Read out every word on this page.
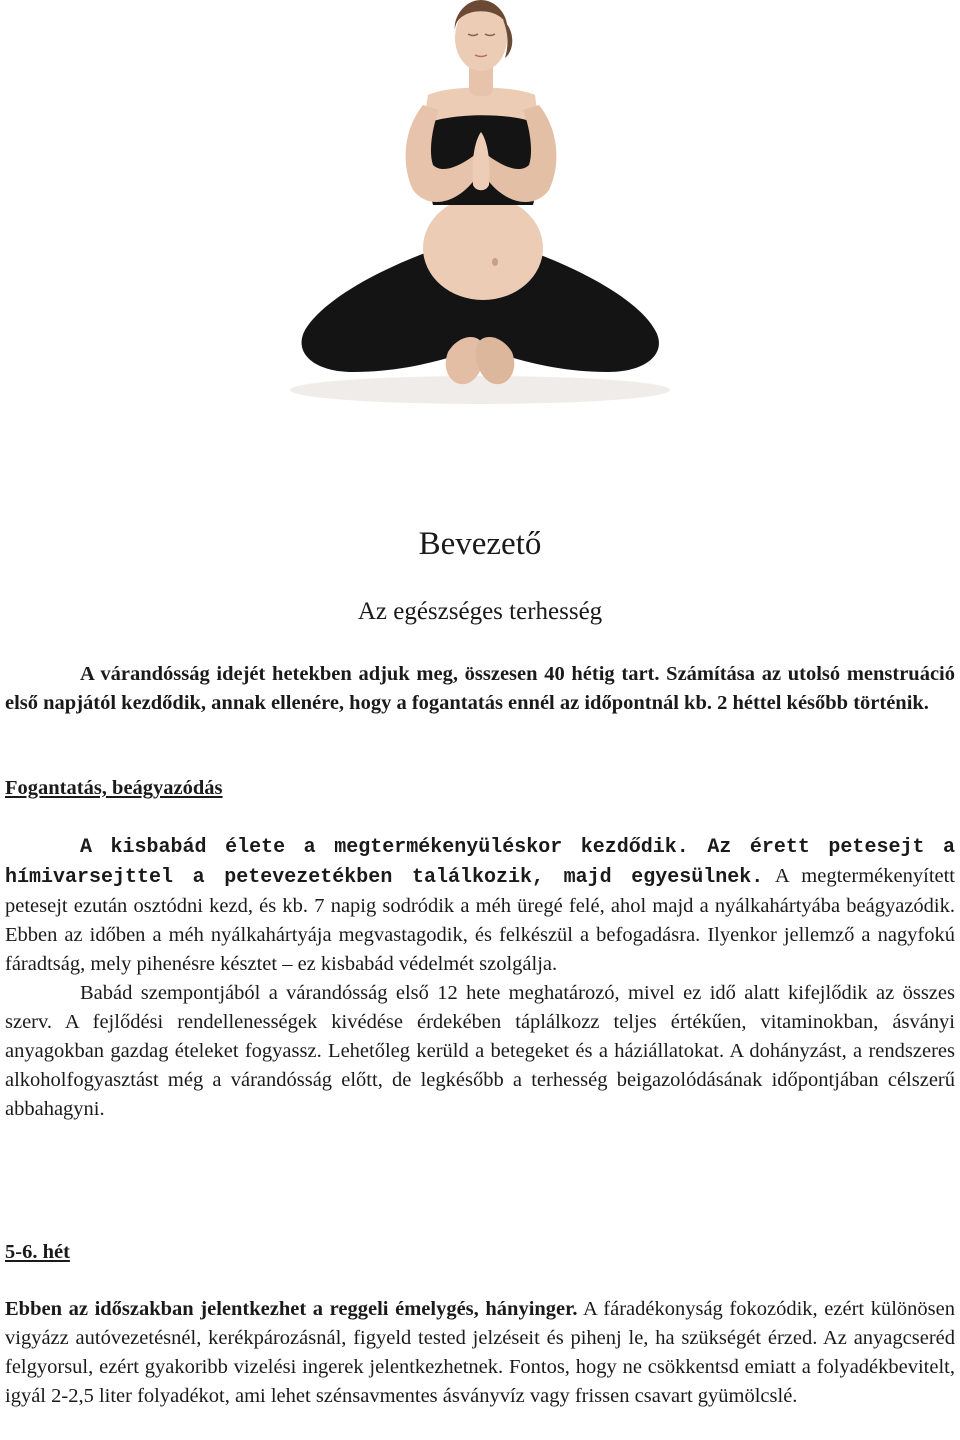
Bevezető
Az egészséges terhesség

A várandósság idejét hetekben adjuk meg, összesen 40 hétig tart. Számítása az utolsó menstruáció első napjától kezdődik, annak ellenére, hogy a fogantatás ennél az időpontnál kb. 2 héttel később történik.

Fogantatás, beágyazódás

A kisbabád élete a megtermékenyüléskor kezdődik. Az érett petesejt a hímivarsejttel a petevezetékben találkozik, majd egyesülnek. A megtermékenyített petesejt ezután osztódni kezd, és kb. 7 napig sodródik a méh üregé felé, ahol majd a nyálkahártyába beágyazódik. Ebben az időben a méh nyálkahártyája megvastagodik, és felkészül a befogadásra. Ilyenkor jellemző a nagyfokú fáradtság, mely pihenésre késztet – ez kisbabád védelmét szolgálja.

Babád szempontjából a várandósság első 12 hete meghatározó, mivel ez idő alatt kifejlődik az összes szerv. A fejlődési rendellenességek kivédése érdekében táplálkozz teljes értékűen, vitaminokban, ásványi anyagokban gazdag ételeket fogyassz. Lehetőleg kerüld a betegeket és a háziállatokat. A dohányzást, a rendszeres alkoholfogyasztást még a várandósság előtt, de legkésőbb a terhesség beigazolódásának időpontjában célszerű abbahagyni.

5-6. hét

Ebben az időszakban jelentkezhet a reggeli émelygés, hányinger. A fáradékonyság fokozódik, ezért különösen vigyázz autóvezetésnél, kerékpározásnál, figyeld tested jelzéseit és pihenj le, ha szükségét érzed. Az anyagcseréd felgyorsul, ezért gyakoribb vizelési ingerek jelentkezhetnek. Fontos, hogy ne csökkentsd emiatt a folyadékbevitelt, igyál 2-2,5 liter folyadékot, ami lehet szénsavmentes ásványvíz vagy frissen csavart gyümölcslé.
